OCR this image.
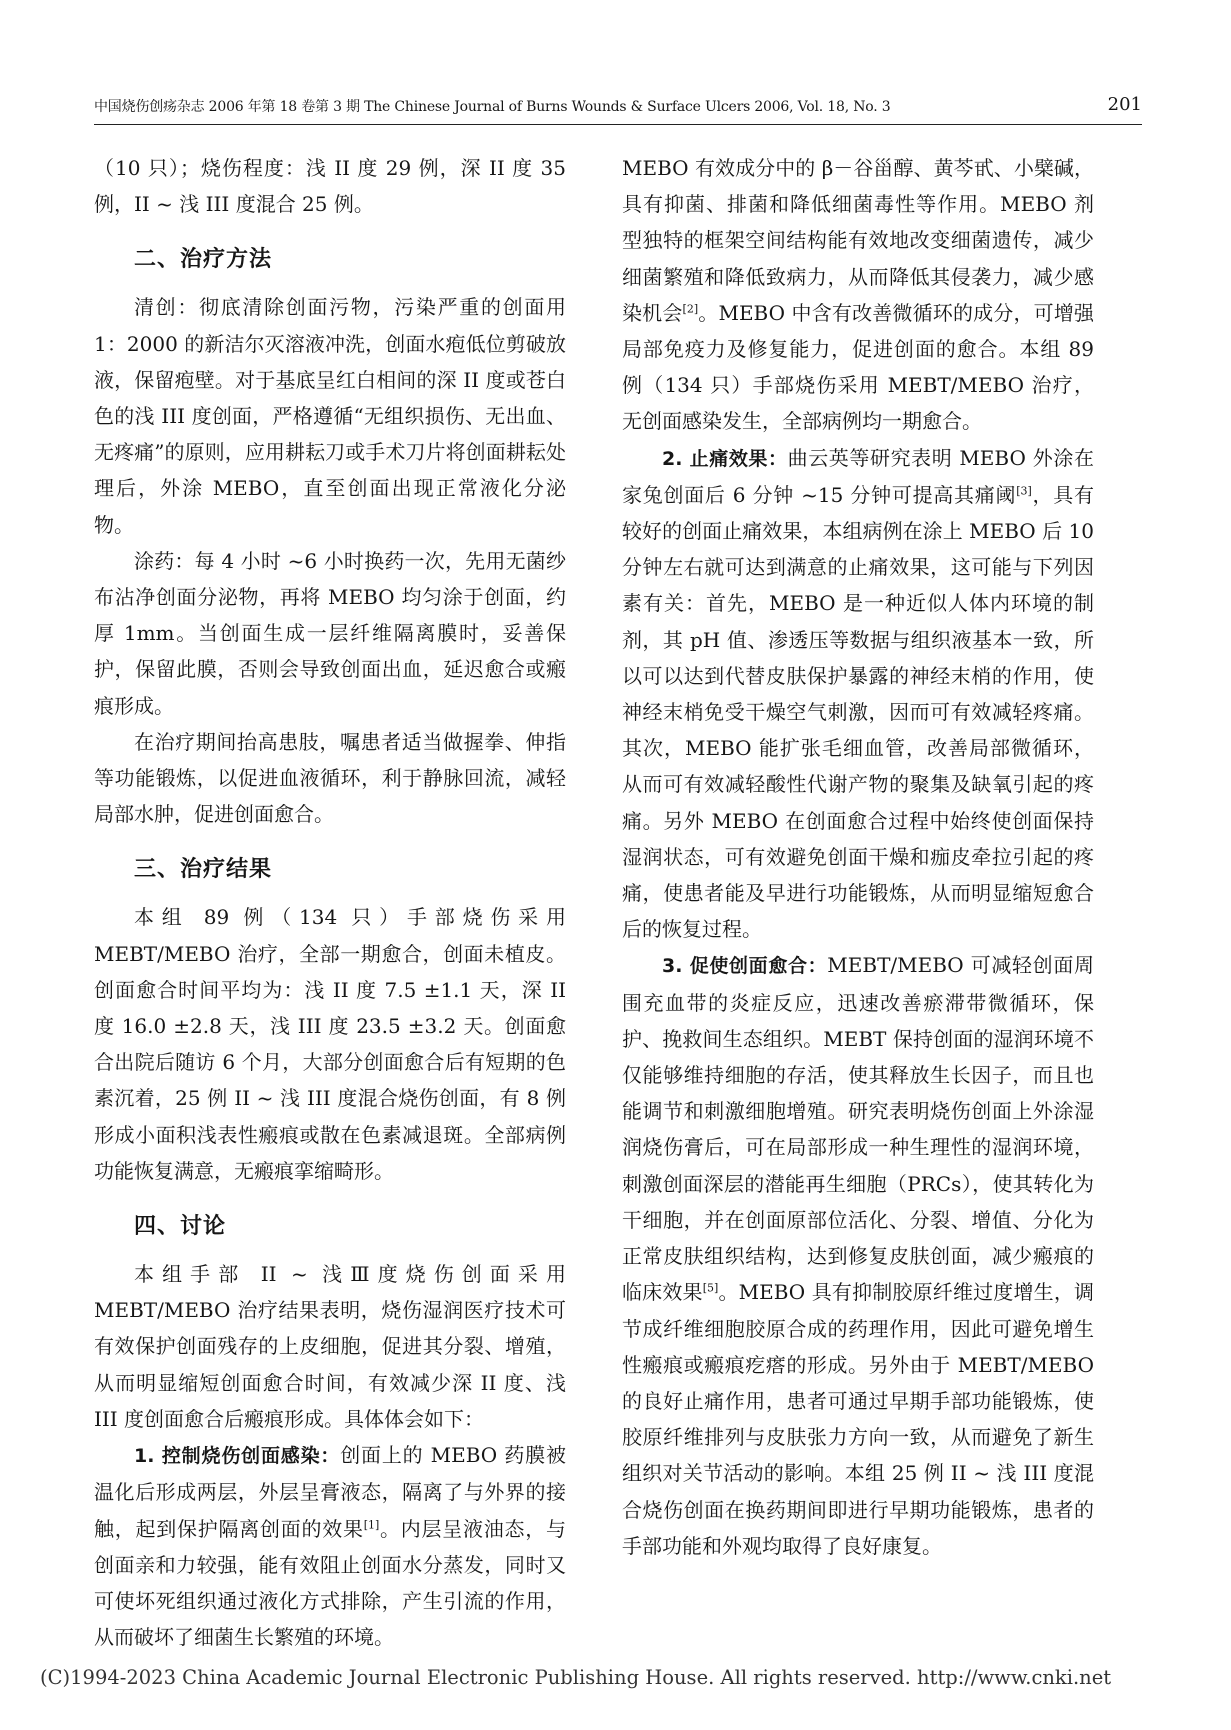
中国烧伤创疡杂志 2006 年第 18 卷第 3 期 The Chinese Journal of Burns Wounds & Surface Ulcers 2006, Vol. 18, No. 3	201

（10 只）；烧伤程度：浅 II 度 29 例，深 II 度 35 例，II ~ 浅 III 度混合 25 例。

二、治疗方法

清创：彻底清除创面污物，污染严重的创面用 1：2000 的新洁尔灭溶液冲洗，创面水疱低位剪破放液，保留疱壁。对于基底呈红白相间的深 II 度或苍白色的浅 III 度创面，严格遵循“无组织损伤、无出血、无疼痛”的原则，应用耕耘刀或手术刀片将创面耕耘处理后，外涂 MEBO，直至创面出现正常液化分泌物。

涂药：每 4 小时 ~6 小时换药一次，先用无菌纱布沾净创面分泌物，再将 MEBO 均匀涂于创面，约厚 1mm。当创面生成一层纤维隔离膜时，妥善保护，保留此膜，否则会导致创面出血，延迟愈合或瘢痕形成。

在治疗期间抬高患肢，嘱患者适当做握拳、伸指等功能锻炼，以促进血液循环，利于静脉回流，减轻局部水肿，促进创面愈合。

三、治疗结果

本组 89 例（134 只）手部烧伤采用 MEBT/MEBO 治疗，全部一期愈合，创面未植皮。创面愈合时间平均为：浅 II 度 7.5 ±1.1 天，深 II 度 16.0 ±2.8 天，浅 III 度 23.5 ±3.2 天。创面愈合出院后随访 6 个月，大部分创面愈合后有短期的色素沉着，25 例 II ~ 浅 III 度混合烧伤创面，有 8 例形成小面积浅表性瘢痕或散在色素减退斑。全部病例功能恢复满意，无瘢痕挛缩畸形。

四、讨论

本组手部 II ~ 浅Ⅲ度烧伤创面采用 MEBT/MEBO 治疗结果表明，烧伤湿润医疗技术可有效保护创面残存的上皮细胞，促进其分裂、增殖，从而明显缩短创面愈合时间，有效减少深 II 度、浅 III 度创面愈合后瘢痕形成。具体体会如下：

1. 控制烧伤创面感染：创面上的 MEBO 药膜被温化后形成两层，外层呈膏液态，隔离了与外界的接触，起到保护隔离创面的效果[1]。内层呈液油态，与创面亲和力较强，能有效阻止创面水分蒸发，同时又可使坏死组织通过液化方式排除，产生引流的作用，从而破坏了细菌生长繁殖的环境。

MEBO 有效成分中的 β－谷甾醇、黄芩甙、小檗碱，具有抑菌、排菌和降低细菌毒性等作用。MEBO 剂型独特的框架空间结构能有效地改变细菌遗传，减少细菌繁殖和降低致病力，从而降低其侵袭力，减少感染机会[2]。MEBO 中含有改善微循环的成分，可增强局部免疫力及修复能力，促进创面的愈合。本组 89 例（134 只）手部烧伤采用 MEBT/MEBO 治疗，无创面感染发生，全部病例均一期愈合。

2. 止痛效果：曲云英等研究表明 MEBO 外涂在家兔创面后 6 分钟 ~15 分钟可提高其痛阈[3]，具有较好的创面止痛效果，本组病例在涂上 MEBO 后 10 分钟左右就可达到满意的止痛效果，这可能与下列因素有关：首先，MEBO 是一种近似人体内环境的制剂，其 pH 值、渗透压等数据与组织液基本一致，所以可以达到代替皮肤保护暴露的神经末梢的作用，使神经末梢免受干燥空气刺激，因而可有效减轻疼痛。其次，MEBO 能扩张毛细血管，改善局部微循环，从而可有效减轻酸性代谢产物的聚集及缺氧引起的疼痛。另外 MEBO 在创面愈合过程中始终使创面保持湿润状态，可有效避免创面干燥和痂皮牵拉引起的疼痛，使患者能及早进行功能锻炼，从而明显缩短愈合后的恢复过程。

3. 促使创面愈合：MEBT/MEBO 可减轻创面周围充血带的炎症反应，迅速改善瘀滞带微循环，保护、挽救间生态组织。MEBT 保持创面的湿润环境不仅能够维持细胞的存活，使其释放生长因子，而且也能调节和刺激细胞增殖。研究表明烧伤创面上外涂湿润烧伤膏后，可在局部形成一种生理性的湿润环境，刺激创面深层的潜能再生细胞（PRCs），使其转化为干细胞，并在创面原部位活化、分裂、增值、分化为正常皮肤组织结构，达到修复皮肤创面，减少瘢痕的临床效果[5]。MEBO 具有抑制胶原纤维过度增生，调节成纤维细胞胶原合成的药理作用，因此可避免增生性瘢痕或瘢痕疙瘩的形成。另外由于 MEBT/MEBO 的良好止痛作用，患者可通过早期手部功能锻炼，使胶原纤维排列与皮肤张力方向一致，从而避免了新生组织对关节活动的影响。本组 25 例 II ~ 浅 III 度混合烧伤创面在换药期间即进行早期功能锻炼，患者的手部功能和外观均取得了良好康复。

(C)1994-2023 China Academic Journal Electronic Publishing House. All rights reserved. http://www.cnki.net
